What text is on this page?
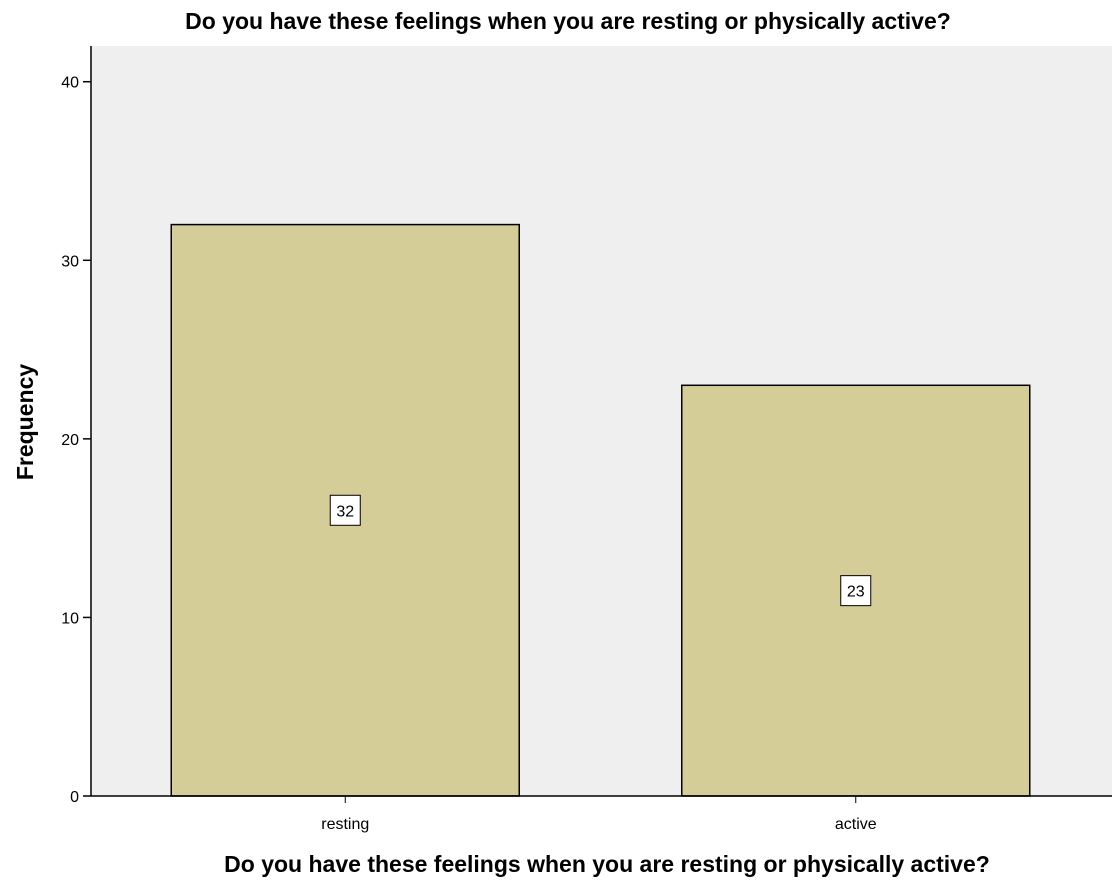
Do you have these feelings when you are resting or physically active?
32
23
0
10
20
30
40
resting	active
Frequency
Do you have these feelings when you are resting or physically active?
